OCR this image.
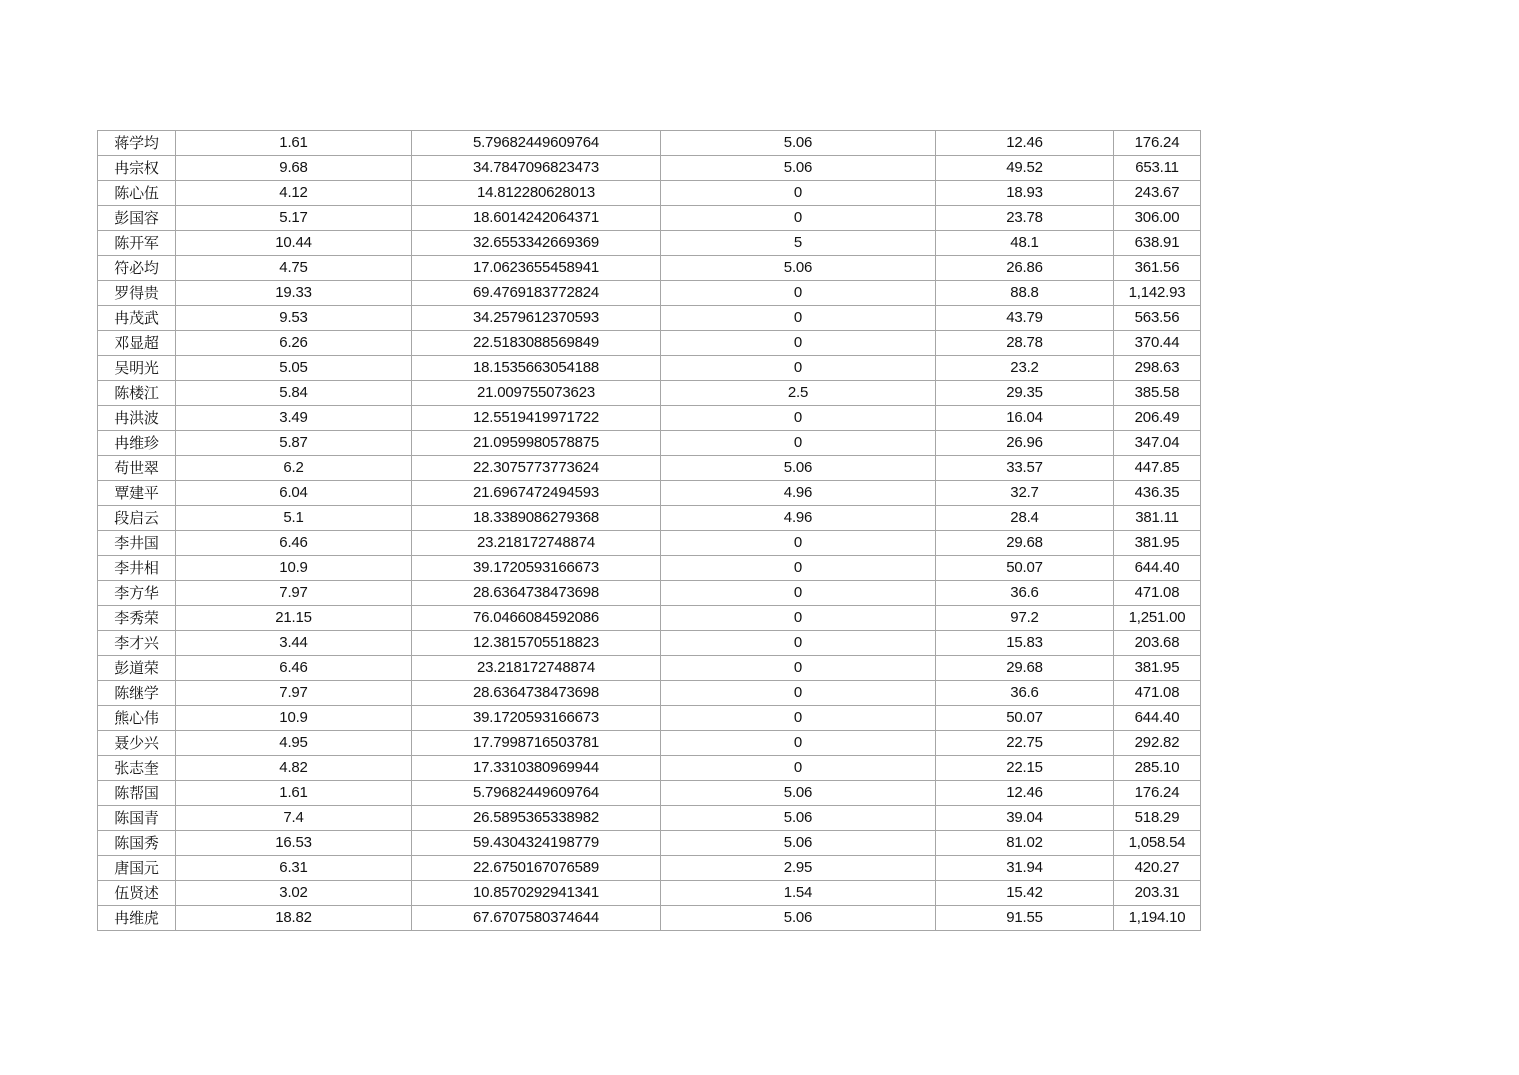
蒋学均	1.61	5.79682449609764	5.06	12.46	176.24
冉宗权	9.68	34.7847096823473	5.06	49.52	653.11
陈心伍	4.12	14.812280628013	0	18.93	243.67
彭国容	5.17	18.6014242064371	0	23.78	306.00
陈开军	10.44	32.6553342669369	5	48.1	638.91
符必均	4.75	17.0623655458941	5.06	26.86	361.56
罗得贵	19.33	69.4769183772824	0	88.8	1,142.93
冉茂武	9.53	34.2579612370593	0	43.79	563.56
邓显超	6.26	22.5183088569849	0	28.78	370.44
吴明光	5.05	18.1535663054188	0	23.2	298.63
陈楼江	5.84	21.009755073623	2.5	29.35	385.58
冉洪波	3.49	12.5519419971722	0	16.04	206.49
冉维珍	5.87	21.0959980578875	0	26.96	347.04
苟世翠	6.2	22.3075773773624	5.06	33.57	447.85
覃建平	6.04	21.6967472494593	4.96	32.7	436.35
段启云	5.1	18.3389086279368	4.96	28.4	381.11
李井国	6.46	23.218172748874	0	29.68	381.95
李井相	10.9	39.1720593166673	0	50.07	644.40
李方华	7.97	28.6364738473698	0	36.6	471.08
李秀荣	21.15	76.0466084592086	0	97.2	1,251.00
李才兴	3.44	12.3815705518823	0	15.83	203.68
彭道荣	6.46	23.218172748874	0	29.68	381.95
陈继学	7.97	28.6364738473698	0	36.6	471.08
熊心伟	10.9	39.1720593166673	0	50.07	644.40
聂少兴	4.95	17.7998716503781	0	22.75	292.82
张志奎	4.82	17.3310380969944	0	22.15	285.10
陈帮国	1.61	5.79682449609764	5.06	12.46	176.24
陈国青	7.4	26.5895365338982	5.06	39.04	518.29
陈国秀	16.53	59.4304324198779	5.06	81.02	1,058.54
唐国元	6.31	22.6750167076589	2.95	31.94	420.27
伍贤述	3.02	10.8570292941341	1.54	15.42	203.31
冉维虎	18.82	67.6707580374644	5.06	91.55	1,194.10
